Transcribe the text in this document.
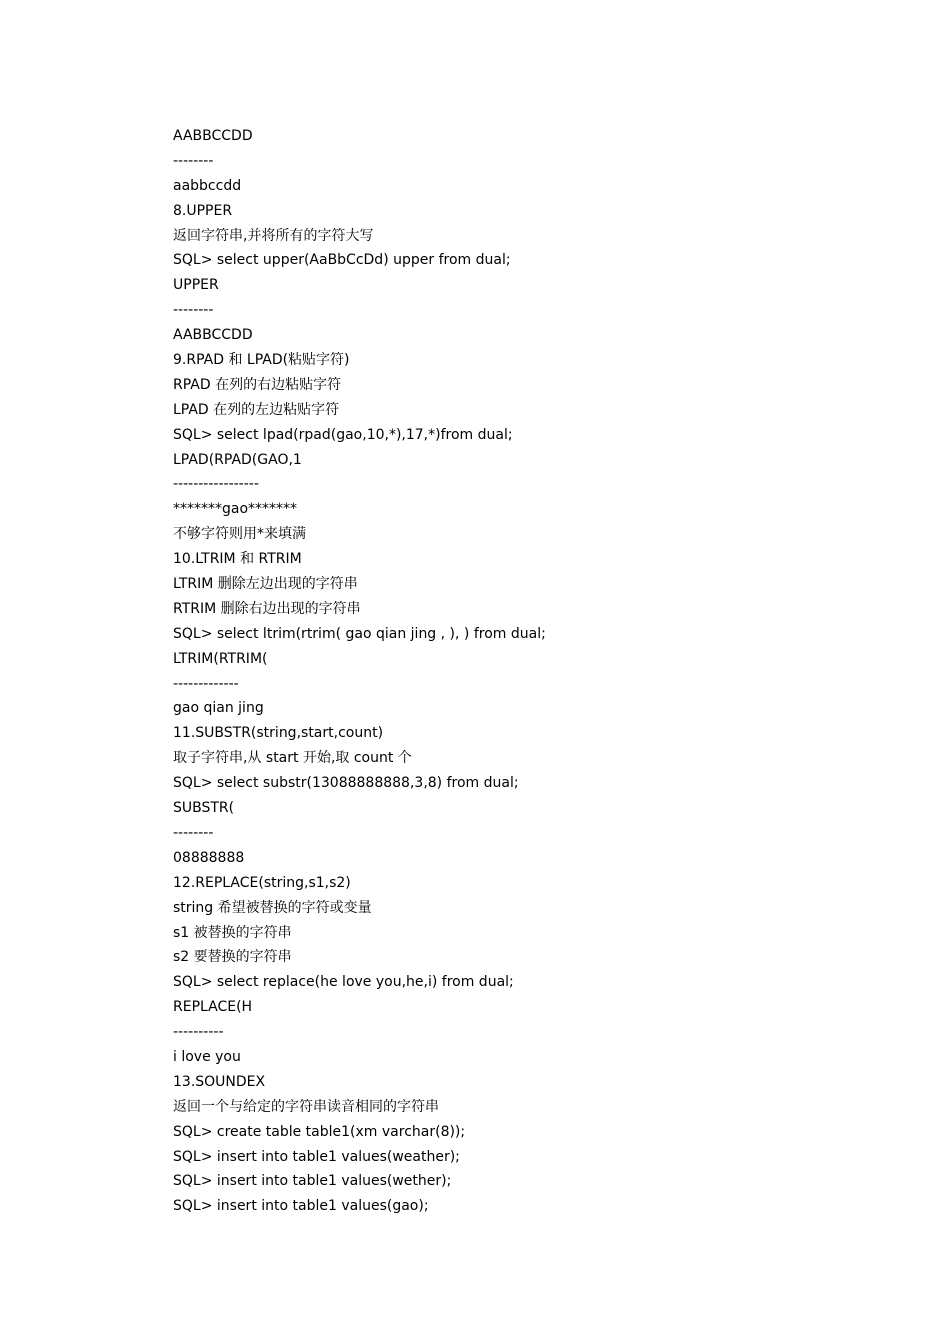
AABBCCDD
--------
aabbccdd
8.UPPER
返回字符串,并将所有的字符大写
SQL> select upper(AaBbCcDd) upper from dual;
UPPER
--------
AABBCCDD
9.RPAD 和 LPAD(粘贴字符)
RPAD 在列的右边粘贴字符
LPAD 在列的左边粘贴字符
SQL> select lpad(rpad(gao,10,*),17,*)from dual;
LPAD(RPAD(GAO,1
-----------------
*******gao*******
不够字符则用*来填满
10.LTRIM 和 RTRIM
LTRIM 删除左边出现的字符串
RTRIM 删除右边出现的字符串
SQL> select ltrim(rtrim( gao qian jing , ), ) from dual;
LTRIM(RTRIM(
-------------
gao qian jing
11.SUBSTR(string,start,count)
取子字符串,从 start 开始,取 count 个
SQL> select substr(13088888888,3,8) from dual;
SUBSTR(
--------
08888888
12.REPLACE(string,s1,s2)
string 希望被替换的字符或变量
s1 被替换的字符串
s2 要替换的字符串
SQL> select replace(he love you,he,i) from dual;
REPLACE(H
----------
i love you
13.SOUNDEX
返回一个与给定的字符串读音相同的字符串
SQL> create table table1(xm varchar(8));
SQL> insert into table1 values(weather);
SQL> insert into table1 values(wether);
SQL> insert into table1 values(gao);
